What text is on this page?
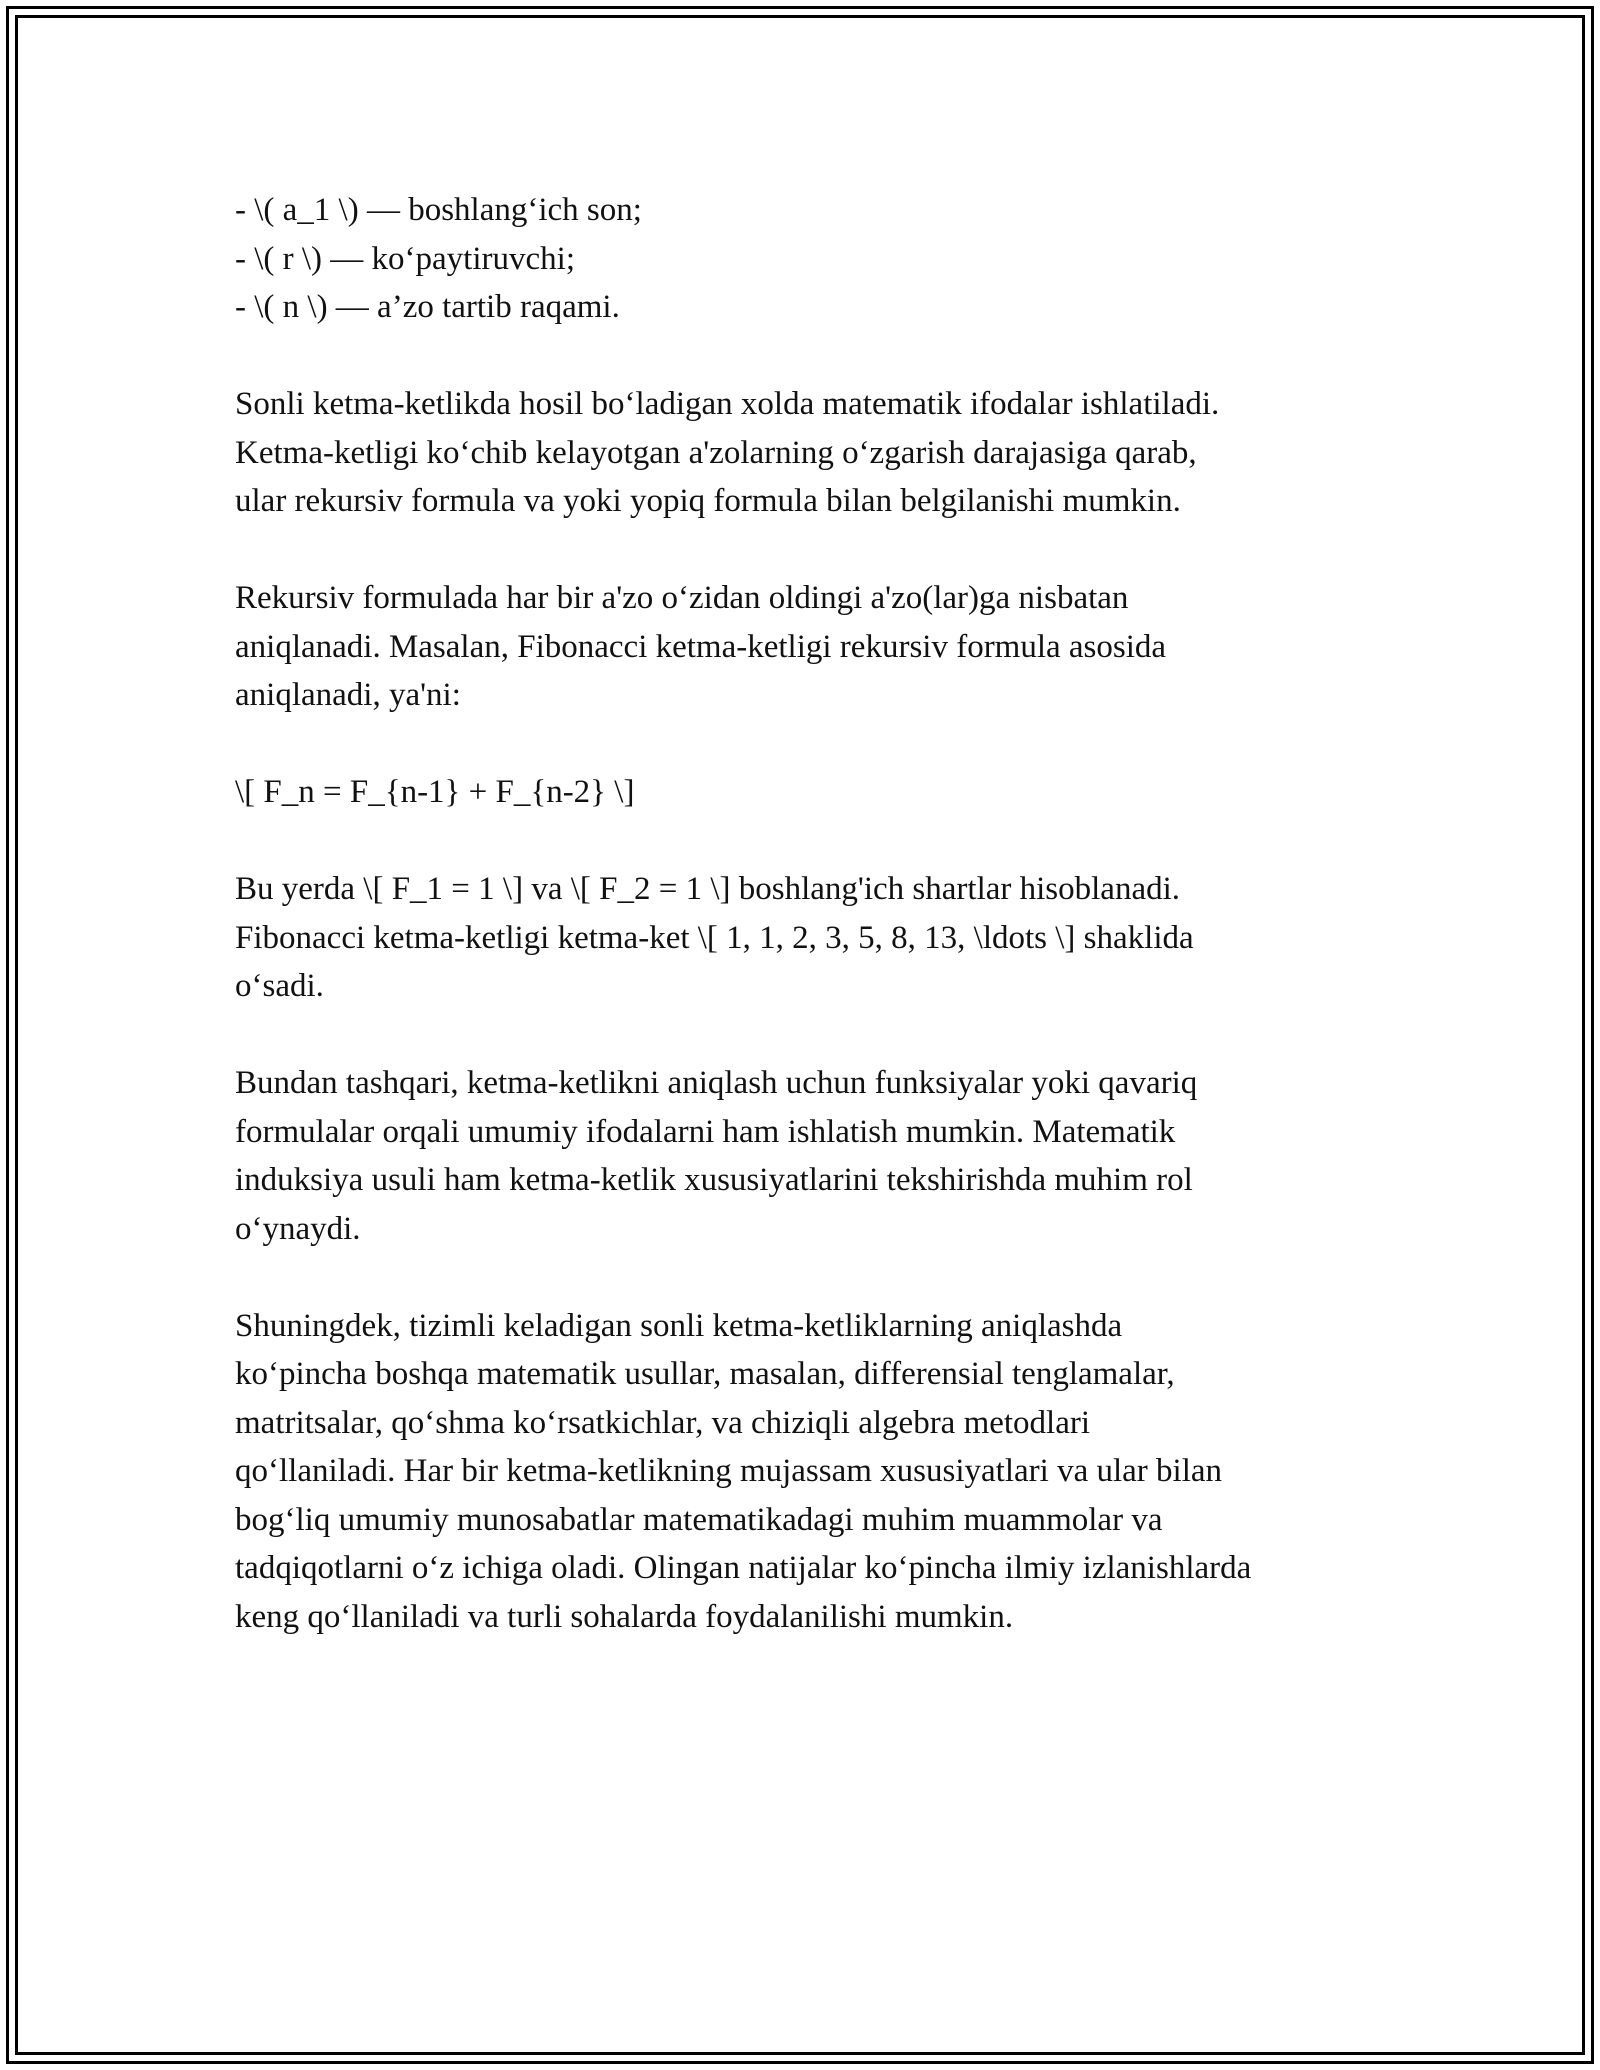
- \( a_1 \) — boshlang‘ich son;
- \( r \) — ko‘paytiruvchi;
- \( n \) — a’zo tartib raqami.
Sonli ketma-ketlikda hosil bo‘ladigan xolda matematik ifodalar ishlatiladi.
Ketma-ketligi ko‘chib kelayotgan a'zolarning o‘zgarish darajasiga qarab,
ular rekursiv formula va yoki yopiq formula bilan belgilanishi mumkin.
Rekursiv formulada har bir a'zo o‘zidan oldingi a'zo(lar)ga nisbatan
aniqlanadi. Masalan, Fibonacci ketma-ketligi rekursiv formula asosida
aniqlanadi, ya'ni:
\[ F_n = F_{n-1} + F_{n-2} \]
Bu yerda \[ F_1 = 1 \] va \[ F_2 = 1 \] boshlang'ich shartlar hisoblanadi.
Fibonacci ketma-ketligi ketma-ket \[ 1, 1, 2, 3, 5, 8, 13, \ldots \] shaklida
o‘sadi.
Bundan tashqari, ketma-ketlikni aniqlash uchun funksiyalar yoki qavariq
formulalar orqali umumiy ifodalarni ham ishlatish mumkin. Matematik
induksiya usuli ham ketma-ketlik xususiyatlarini tekshirishda muhim rol
o‘ynaydi.
Shuningdek, tizimli keladigan sonli ketma-ketliklarning aniqlashda
ko‘pincha boshqa matematik usullar, masalan, differensial tenglamalar,
matritsalar, qo‘shma ko‘rsatkichlar, va chiziqli algebra metodlari
qo‘llaniladi. Har bir ketma-ketlikning mujassam xususiyatlari va ular bilan
bog‘liq umumiy munosabatlar matematikadagi muhim muammolar va
tadqiqotlarni o‘z ichiga oladi. Olingan natijalar ko‘pincha ilmiy izlanishlarda
keng qo‘llaniladi va turli sohalarda foydalanilishi mumkin.
